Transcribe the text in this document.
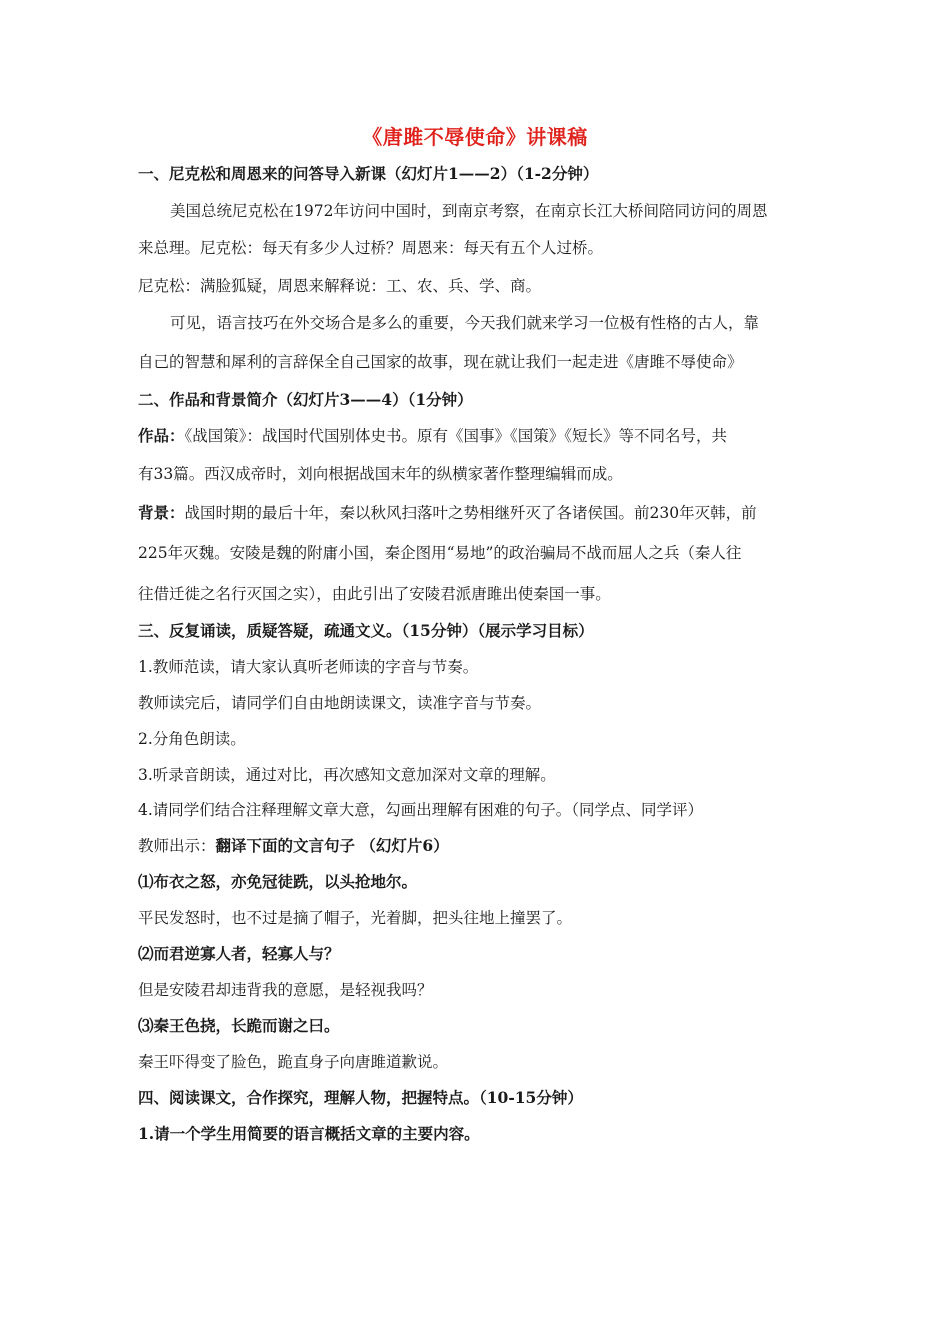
《唐雎不辱使命》讲课稿
一、尼克松和周恩来的问答导入新课（幻灯片1——2）（1-2分钟）
美国总统尼克松在1972年访问中国时，到南京考察，在南京长江大桥间陪同访问的周恩
来总理。尼克松：每天有多少人过桥？周恩来：每天有五个人过桥。
尼克松：满脸狐疑，周恩来解释说：工、农、兵、学、商。
可见，语言技巧在外交场合是多么的重要，今天我们就来学习一位极有性格的古人，靠
自己的智慧和犀利的言辞保全自己国家的故事，现在就让我们一起走进《唐雎不辱使命》
二、作品和背景简介（幻灯片3——4）（1分钟）
作品：《战国策》：战国时代国别体史书。原有《国事》《国策》《短长》等不同名号，共
有33篇。西汉成帝时，刘向根据战国末年的纵横家著作整理编辑而成。
背景：战国时期的最后十年，秦以秋风扫落叶之势相继歼灭了各诸侯国。前230年灭韩，前
225年灭魏。安陵是魏的附庸小国，秦企图用“易地”的政治骗局不战而屈人之兵（秦人往
往借迁徙之名行灭国之实），由此引出了安陵君派唐雎出使秦国一事。
三、反复诵读，质疑答疑，疏通文义。（15分钟）（展示学习目标）
1.教师范读，请大家认真听老师读的字音与节奏。
教师读完后，请同学们自由地朗读课文，读准字音与节奏。
2.分角色朗读。
3.听录音朗读，通过对比，再次感知文意加深对文章的理解。
4.请同学们结合注释理解文章大意，勾画出理解有困难的句子。（同学点、同学评）
教师出示：翻译下面的文言句子 （幻灯片6）
⑴布衣之怒，亦免冠徒跣，以头抢地尔。
平民发怒时，也不过是摘了帽子，光着脚，把头往地上撞罢了。
⑵而君逆寡人者，轻寡人与？
但是安陵君却违背我的意愿，是轻视我吗？
⑶秦王色挠，长跪而谢之曰。
秦王吓得变了脸色，跪直身子向唐雎道歉说。
四、阅读课文，合作探究，理解人物，把握特点。（10-15分钟）
1.请一个学生用简要的语言概括文章的主要内容。
